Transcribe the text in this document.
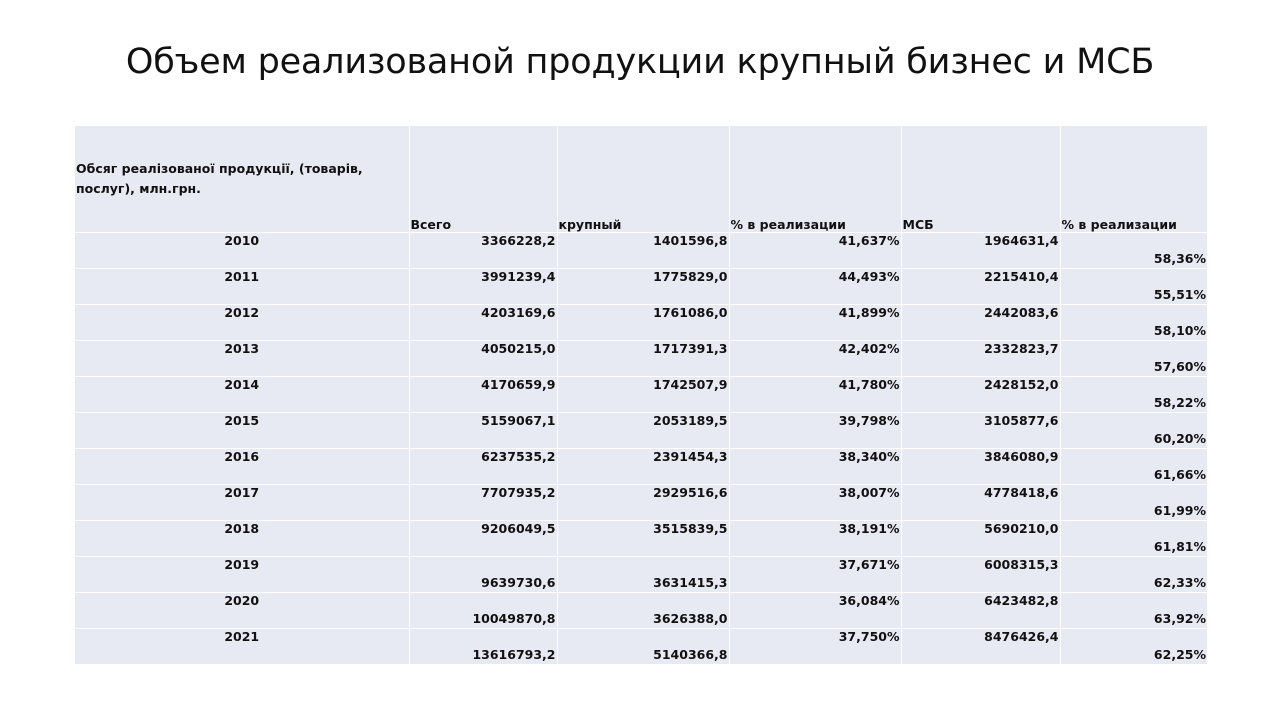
Объем реализованой продукции крупный бизнес и МСБ
Обсяг реалізованої продукції, (товарів, послуг), млн.грн.	Всего	крупный	% в реализации	МСБ	% в реализации
2010	3366228,2	1401596,8	41,637%	1964631,4	58,36%
2011	3991239,4	1775829,0	44,493%	2215410,4	55,51%
2012	4203169,6	1761086,0	41,899%	2442083,6	58,10%
2013	4050215,0	1717391,3	42,402%	2332823,7	57,60%
2014	4170659,9	1742507,9	41,780%	2428152,0	58,22%
2015	5159067,1	2053189,5	39,798%	3105877,6	60,20%
2016	6237535,2	2391454,3	38,340%	3846080,9	61,66%
2017	7707935,2	2929516,6	38,007%	4778418,6	61,99%
2018	9206049,5	3515839,5	38,191%	5690210,0	61,81%
2019	9639730,6	3631415,3	37,671%	6008315,3	62,33%
2020	10049870,8	3626388,0	36,084%	6423482,8	63,92%
2021	13616793,2	5140366,8	37,750%	8476426,4	62,25%
